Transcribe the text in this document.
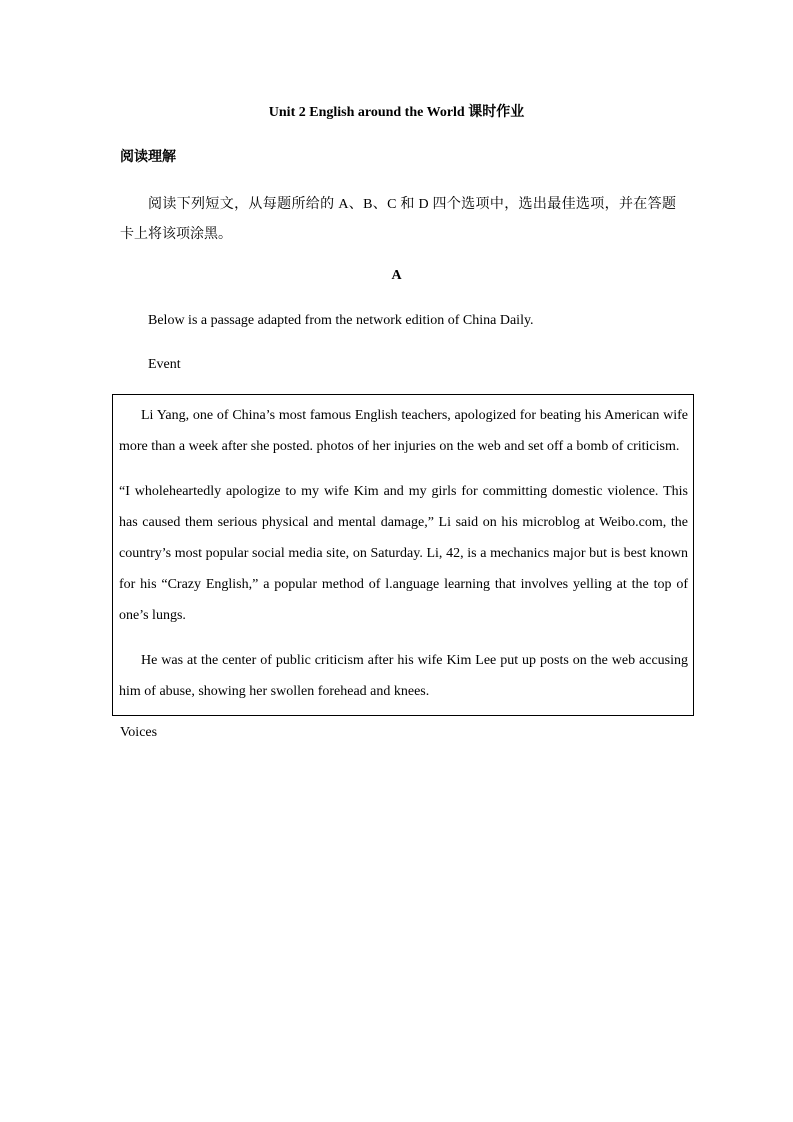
Unit 2 English around the World 课时作业
阅读理解
阅读下列短文，从每题所给的 A、B、C 和 D 四个选项中，选出最佳选项，并在答题卡上将该项涂黑。
A
Below is a passage adapted from the network edition of China Daily.
Event

Li Yang, one of China’s most famous English teachers, apologized for beating his American wife more than a week after she posted. photos of her injuries on the web and set off a bomb of criticism.

“I wholeheartedly apologize to my wife Kim and my girls for committing domestic violence. This has caused them serious physical and mental damage,” Li said on his microblog at Weibo.com, the country’s most popular social media site, on Saturday. Li, 42, is a mechanics major but is best known for his “Crazy English,” a popular method of l.anguage learning that involves yelling at the top of one’s lungs.

He was at the center of public criticism after his wife Kim Lee put up posts on the web accusing him of abuse, showing her swollen forehead and knees.

Voices
